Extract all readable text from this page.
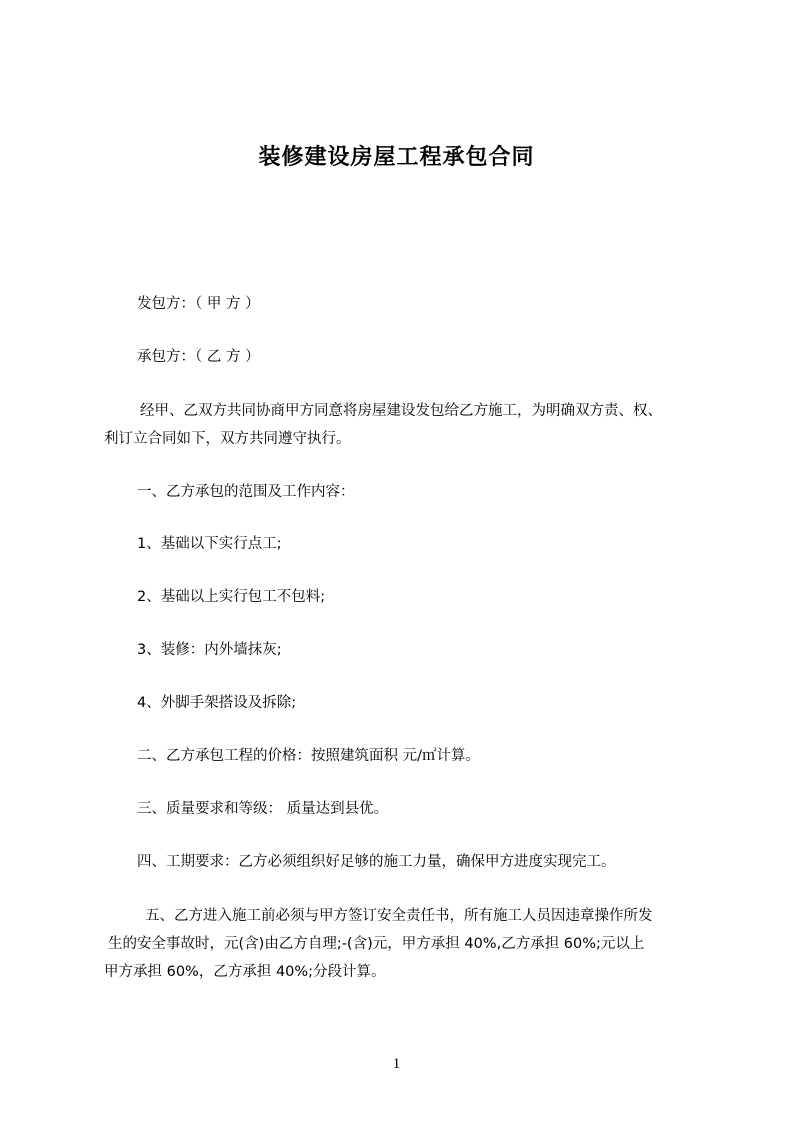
装修建设房屋工程承包合同
发包方：（ 甲 方 ）
承包方：（ 乙 方 ）
经甲、乙双方共同协商甲方同意将房屋建设发包给乙方施工，为明确双方责、权、
利订立合同如下，双方共同遵守执行。
一、乙方承包的范围及工作内容：
1、基础以下实行点工;
2、基础以上实行包工不包料;
3、装修：内外墙抹灰;
4、外脚手架搭设及拆除;
二、乙方承包工程的价格：按照建筑面积 元/㎡计算。
三、质量要求和等级： 质量达到县优。
四、工期要求：乙方必须组织好足够的施工力量，确保甲方进度实现完工。
五、乙方进入施工前必须与甲方签订安全责任书，所有施工人员因违章操作所发
生的安全事故时，元(含)由乙方自理;-(含)元，甲方承担 40%,乙方承担 60%;元以上
甲方承担 60%，乙方承担 40%;分段计算。
1
